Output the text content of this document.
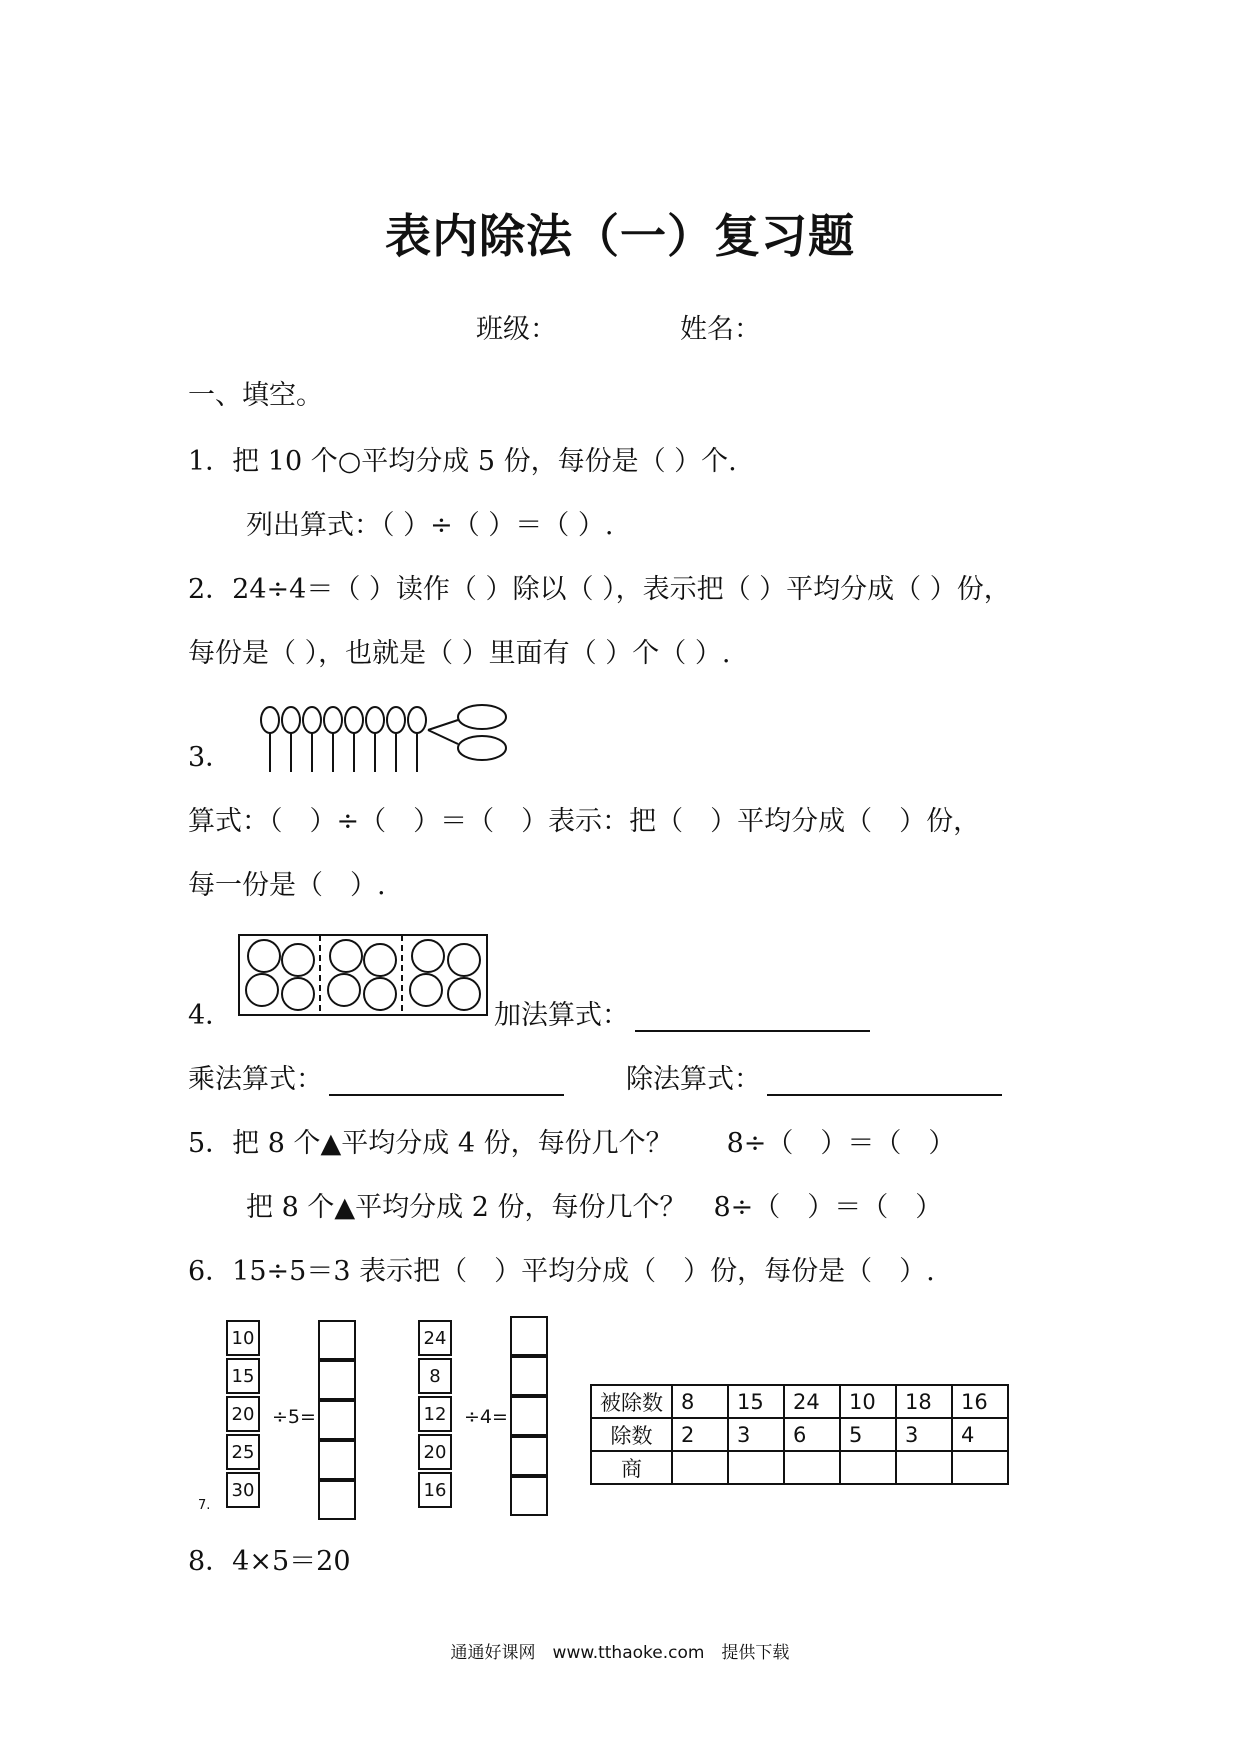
表内除法（一）复习题
班级：	姓名：
一、填空。
1．把 10 个○平均分成 5 份，每份是（ ）个.
列出算式：（ ）÷（ ）＝（ ）.
2．24÷4＝（ ）读作（ ）除以（ ），表示把（ ）平均分成（ ）份，
每份是（ ），也就是（ ）里面有（ ）个（ ）.
3．
算式：（　）÷（　）＝（　）表示：把（　）平均分成（　）份，
每一份是（　）.
4．	加法算式：
乘法算式：	除法算式：
5．把 8 个▲平均分成 4 份，每份几个？　　8÷（　）＝（　）
把 8 个▲平均分成 2 份，每份几个？　8÷（　）＝（　）
6．15÷5＝3 表示把（　）平均分成（　）份，每份是（　）.
10
15
20
25
30
÷5=
24
8
12
20
16
÷4=
7.
被除数	8	15	24	10	18	16
除数	2	3	6	5	3	4
商						
8．4×5＝20
通通好课网　www.tthaoke.com　提供下载
